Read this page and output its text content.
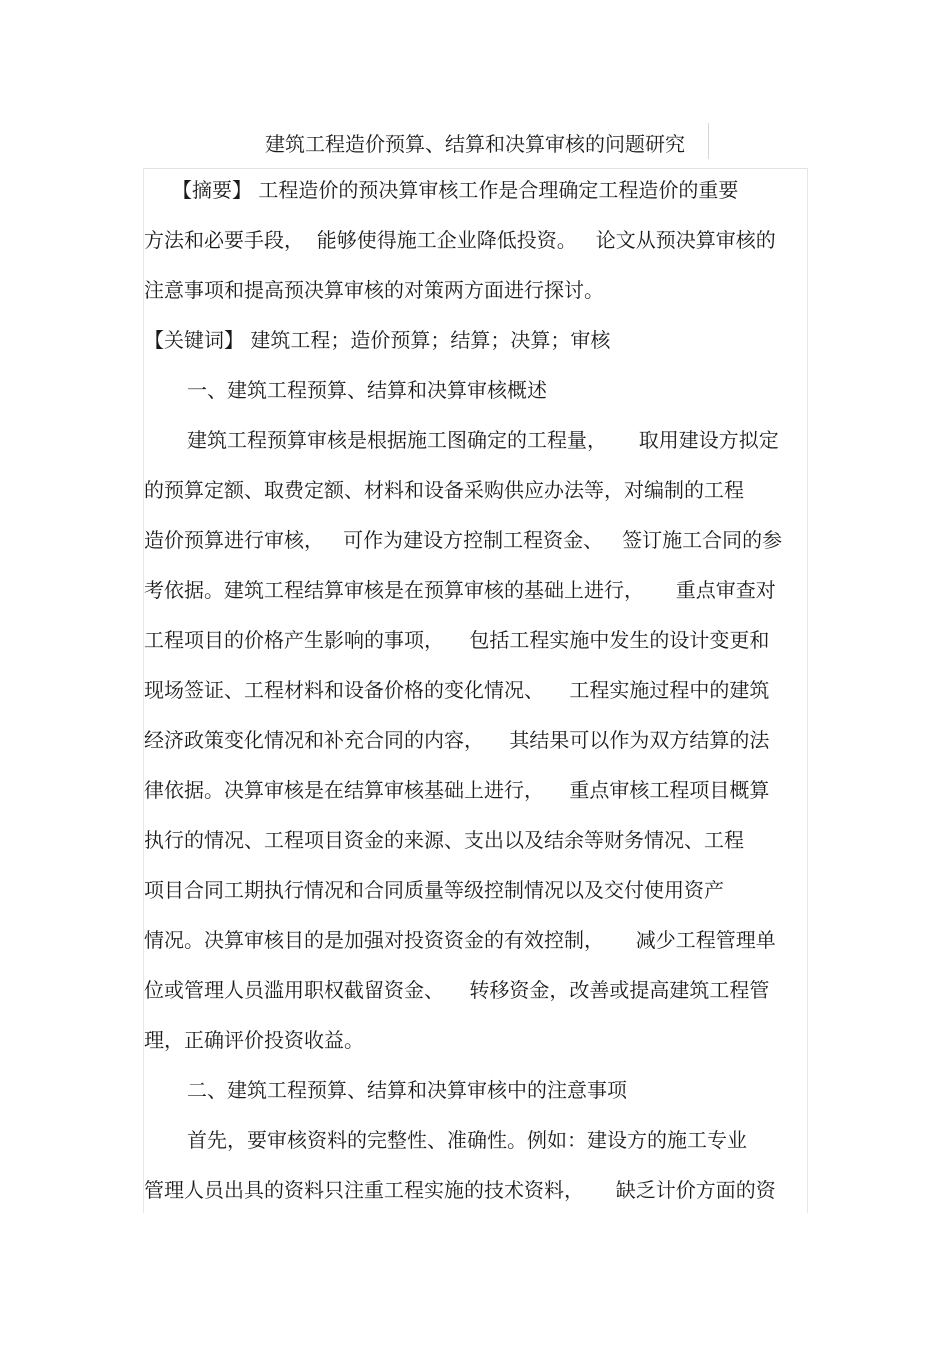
建筑工程造价预算、结算和决算审核的问题研究
【摘要】 工程造价的预决算审核工作是合理确定工程造价的重要
方法和必要手段，  能够使得施工企业降低投资。   论文从预决算审核的
注意事项和提高预决算审核的对策两方面进行探讨。
【关键词】 建筑工程；造价预算；结算；决算；审核
一、建筑工程预算、结算和决算审核概述
建筑工程预算审核是根据施工图确定的工程量，     取用建设方拟定
的预算定额、取费定额、材料和设备采购供应办法等，对编制的工程
造价预算进行审核，   可作为建设方控制工程资金、   签订施工合同的参
考依据。建筑工程结算审核是在预算审核的基础上进行，     重点审查对
工程项目的价格产生影响的事项，    包括工程实施中发生的设计变更和
现场签证、工程材料和设备价格的变化情况、    工程实施过程中的建筑
经济政策变化情况和补充合同的内容，    其结果可以作为双方结算的法
律依据。决算审核是在结算审核基础上进行，    重点审核工程项目概算
执行的情况、工程项目资金的来源、支出以及结余等财务情况、工程
项目合同工期执行情况和合同质量等级控制情况以及交付使用资产
情况。决算审核目的是加强对投资资金的有效控制，     减少工程管理单
位或管理人员滥用职权截留资金、    转移资金，改善或提高建筑工程管
理，正确评价投资收益。
二、建筑工程预算、结算和决算审核中的注意事项
首先，要审核资料的完整性、准确性。例如：建设方的施工专业
管理人员出具的资料只注重工程实施的技术资料，     缺乏计价方面的资
